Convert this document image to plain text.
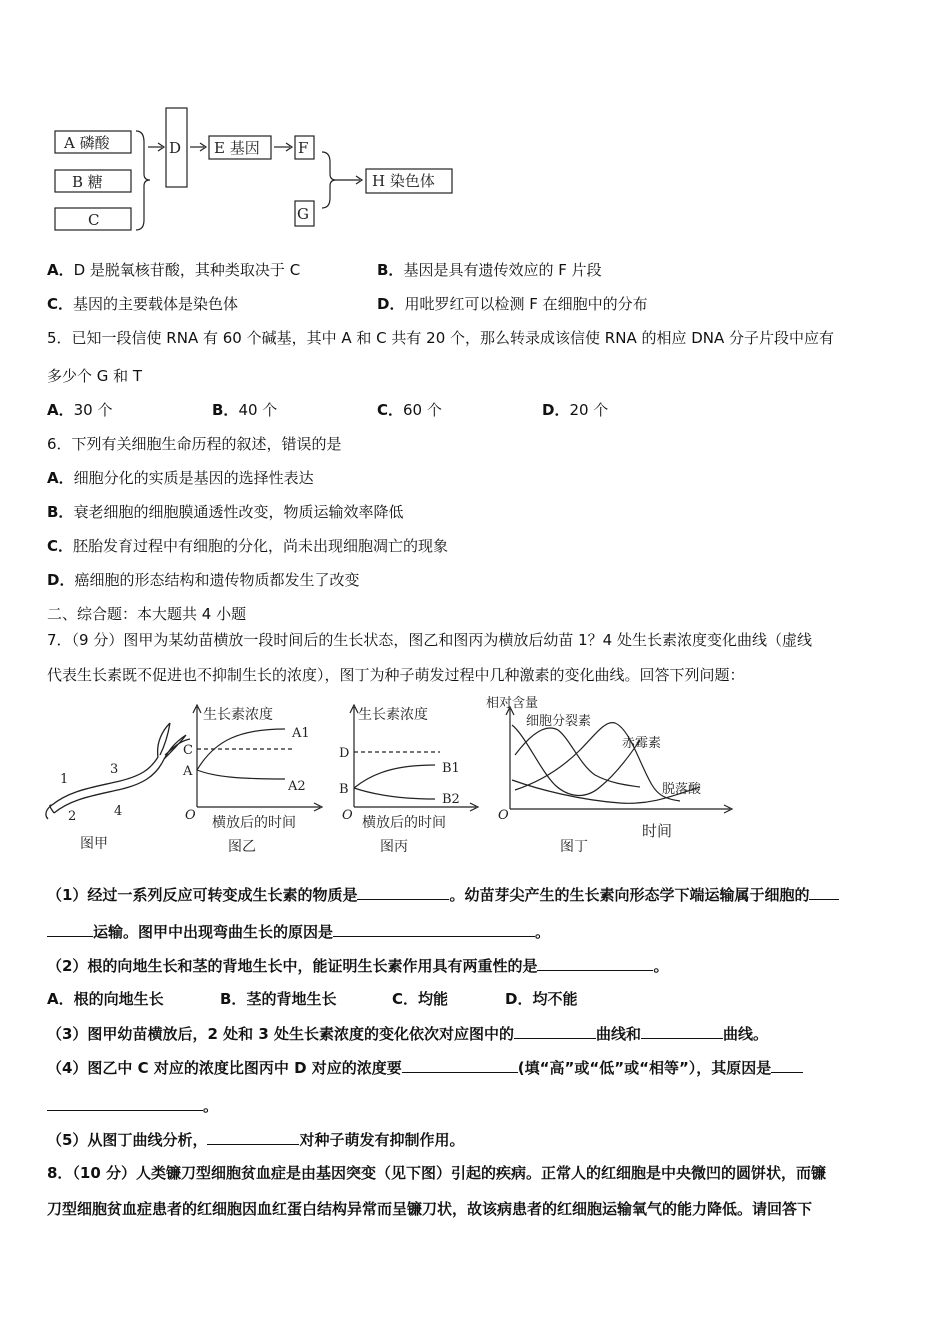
A 磷酸
B 糖
C
D E 基因	F
G
H 染色体
A．D 是脱氧核苷酸，其种类取决于 C	B．基因是具有遗传效应的 F 片段
C．基因的主要载体是染色体	D．用吡罗红可以检测 F 在细胞中的分布
5．已知一段信使 RNA 有 60 个碱基，其中 A 和 C 共有 20 个，那么转录成该信使 RNA 的相应 DNA 分子片段中应有
多少个 G 和 T
A．30 个	B．40 个	C．60 个	D．20 个
6．下列有关细胞生命历程的叙述，错误的是
A．细胞分化的实质是基因的选择性表达
B．衰老细胞的细胞膜通透性改变，物质运输效率降低
C．胚胎发育过程中有细胞的分化，尚未出现细胞凋亡的现象
D．癌细胞的形态结构和遗传物质都发生了改变
二、综合题：本大题共 4 小题
7．（9 分）图甲为某幼苗横放一段时间后的生长状态，图乙和图丙为横放后幼苗 1？4 处生长素浓度变化曲线（虚线
代表生长素既不促进也不抑制生长的浓度），图丁为种子萌发过程中几种激素的变化曲线。回答下列问题：
1
2
3
4
图甲
生长素浓度
A1
A2
C
A
O 横放后的时间
图乙
生长素浓度
B1
B2
D
B
O 横放后的时间
图丙
相对含量
细胞分裂素
赤霉素
脱落酸
O
时间
图丁
（1）经过一系列反应可转变成生长素的物质是	。幼苗芽尖产生的生长素向形态学下端运输属于细胞的
运输。图甲中出现弯曲生长的原因是	。
（2）根的向地生长和茎的背地生长中，能证明生长素作用具有两重性的是	。
A．根的向地生长	B．茎的背地生长	C．均能	D．均不能
（3）图甲幼苗横放后，2 处和 3 处生长素浓度的变化依次对应图中的	曲线和	曲线。
（4）图乙中 C 对应的浓度比图丙中 D 对应的浓度要	(填“高”或“低”或“相等”），其原因是
。
（5）从图丁曲线分析，	对种子萌发有抑制作用。
8．（10 分）人类镰刀型细胞贫血症是由基因突变（见下图）引起的疾病。正常人的红细胞是中央微凹的圆饼状，而镰
刀型细胞贫血症患者的红细胞因血红蛋白结构异常而呈镰刀状，故该病患者的红细胞运输氧气的能力降低。请回答下
